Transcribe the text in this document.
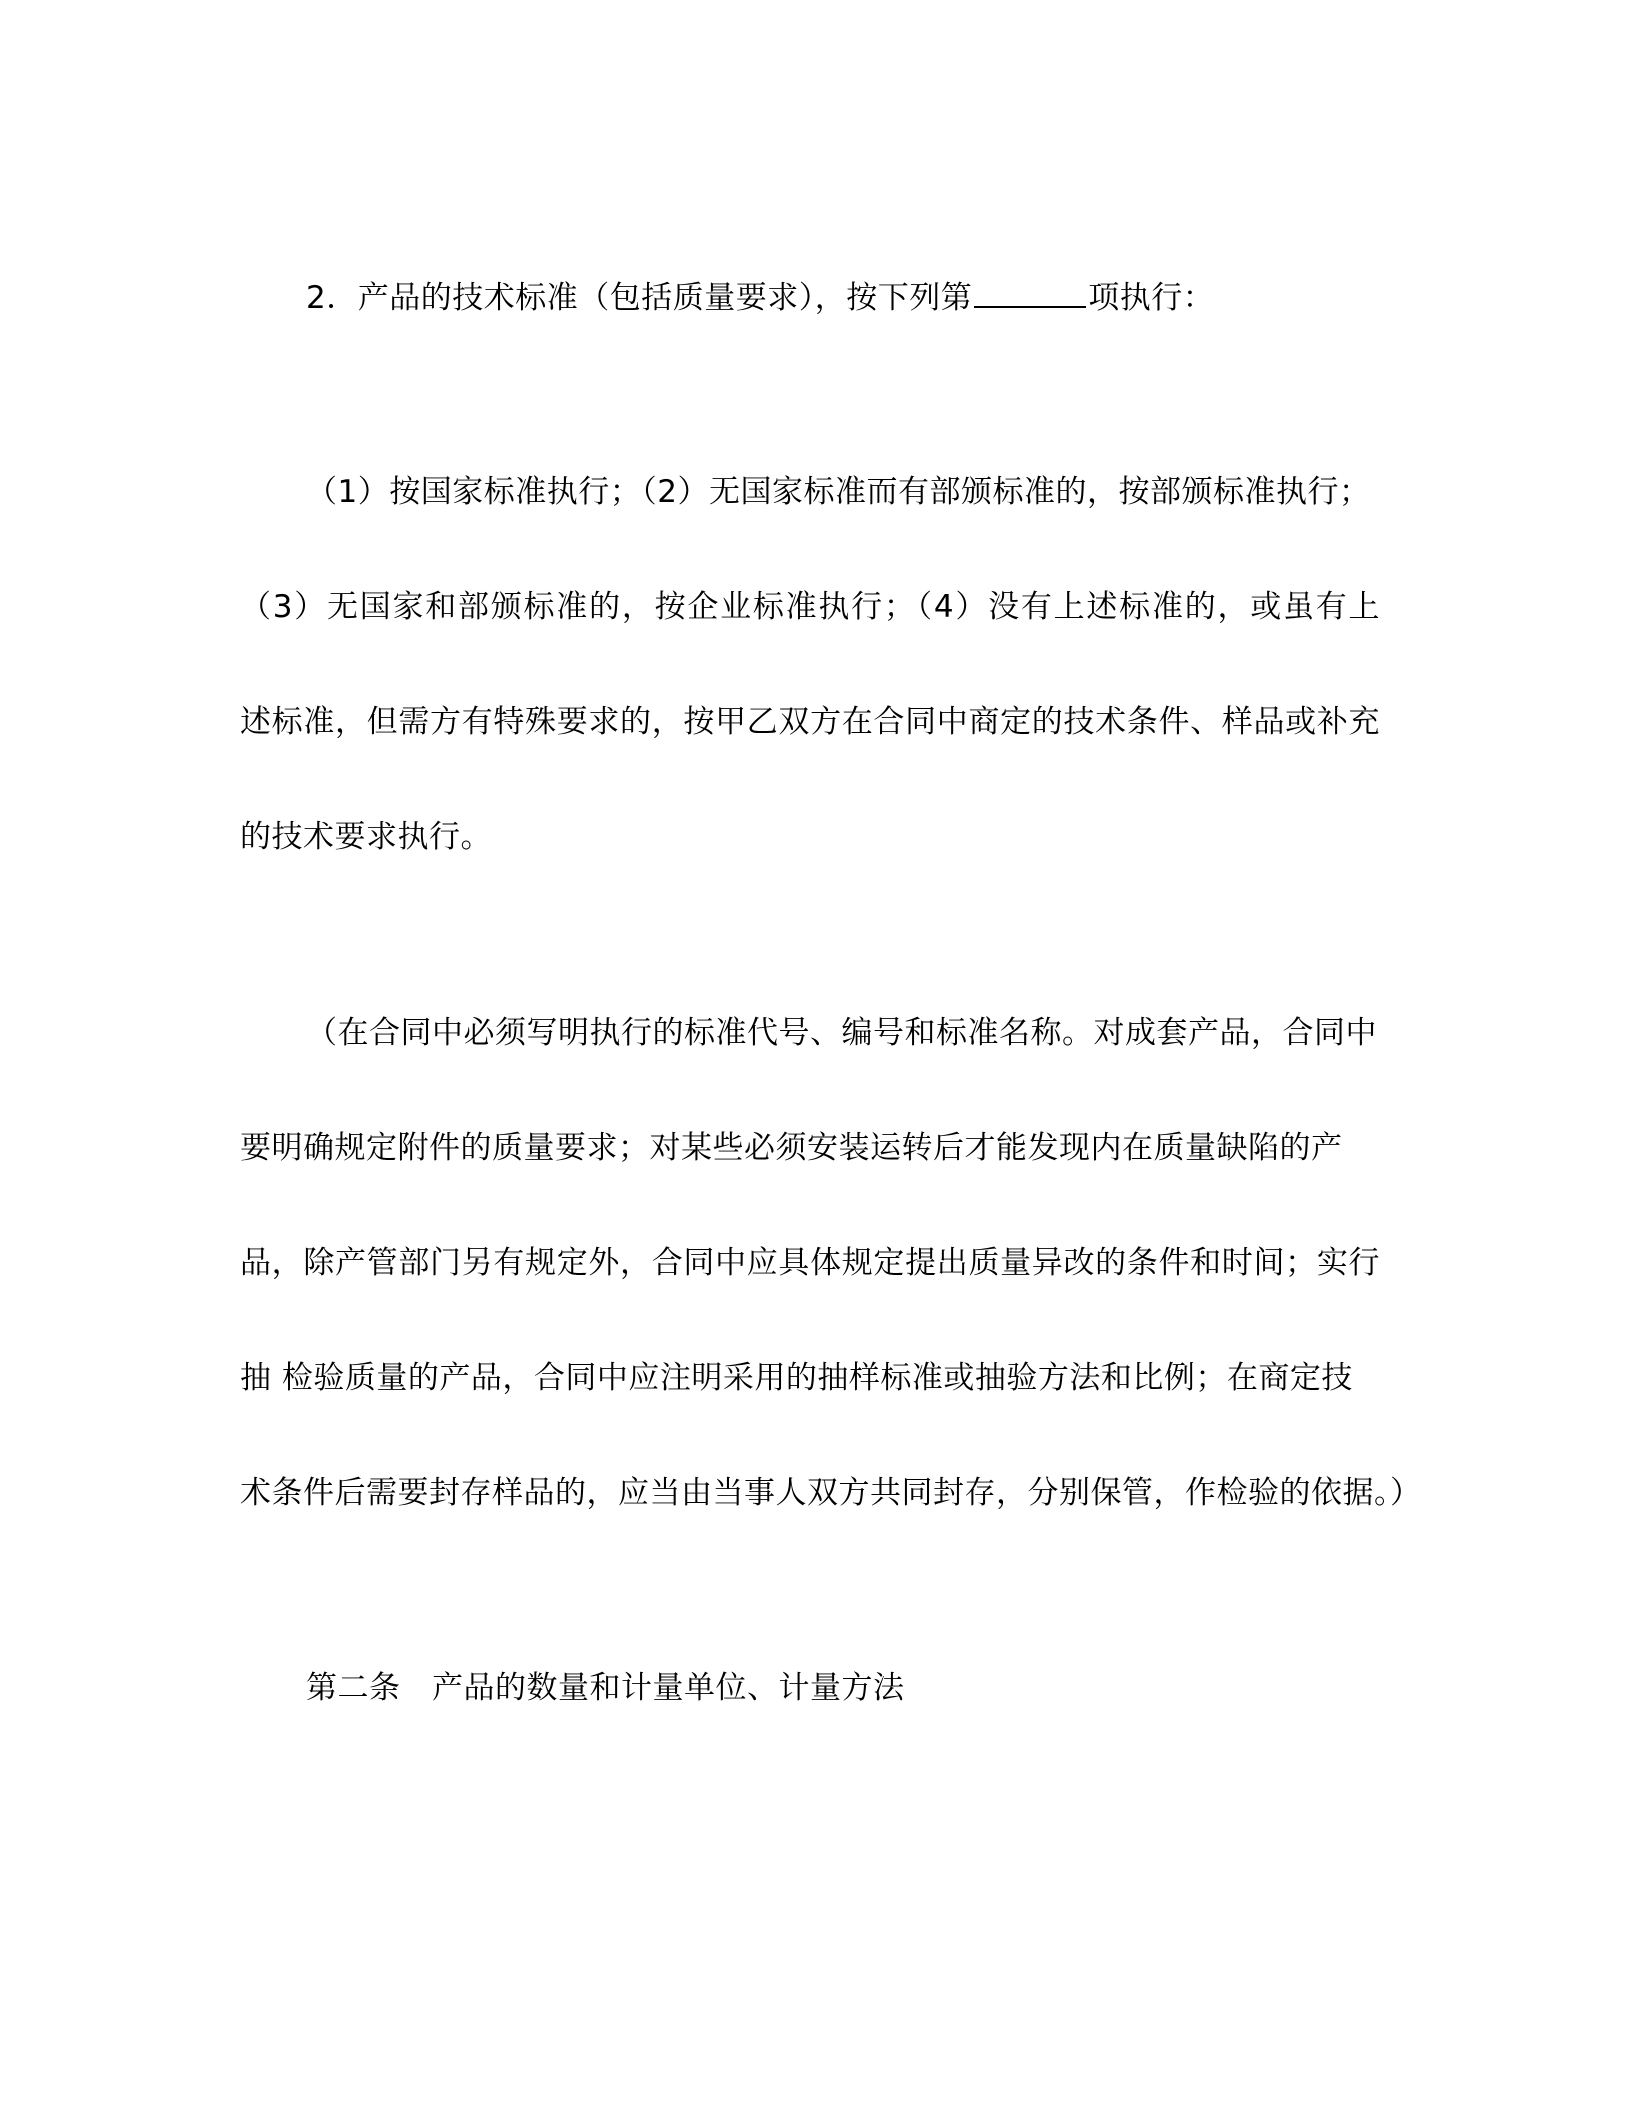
2．产品的技术标准（包括质量要求），按下列第	项执行：
（1）按国家标准执行；（2）无国家标准而有部颁标准的，按部颁标准执行；
（3）无国家和部颁标准的，按企业标准执行；（4）没有上述标准的，或虽有上
述标准，但需方有特殊要求的，按甲乙双方在合同中商定的技术条件、样品或补充
的技术要求执行。
（在合同中必须写明执行的标准代号、编号和标准名称。对成套产品，合同中
要明确规定附件的质量要求；对某些必须安装运转后才能发现内在质量缺陷的产
品，除产管部门另有规定外，合同中应具体规定提出质量异改的条件和时间；实行
抽 检验质量的产品，合同中应注明采用的抽样标准或抽验方法和比例；在商定技
术条件后需要封存样品的，应当由当事人双方共同封存，分别保管，作检验的依据。）
第二条　产品的数量和计量单位、计量方法
